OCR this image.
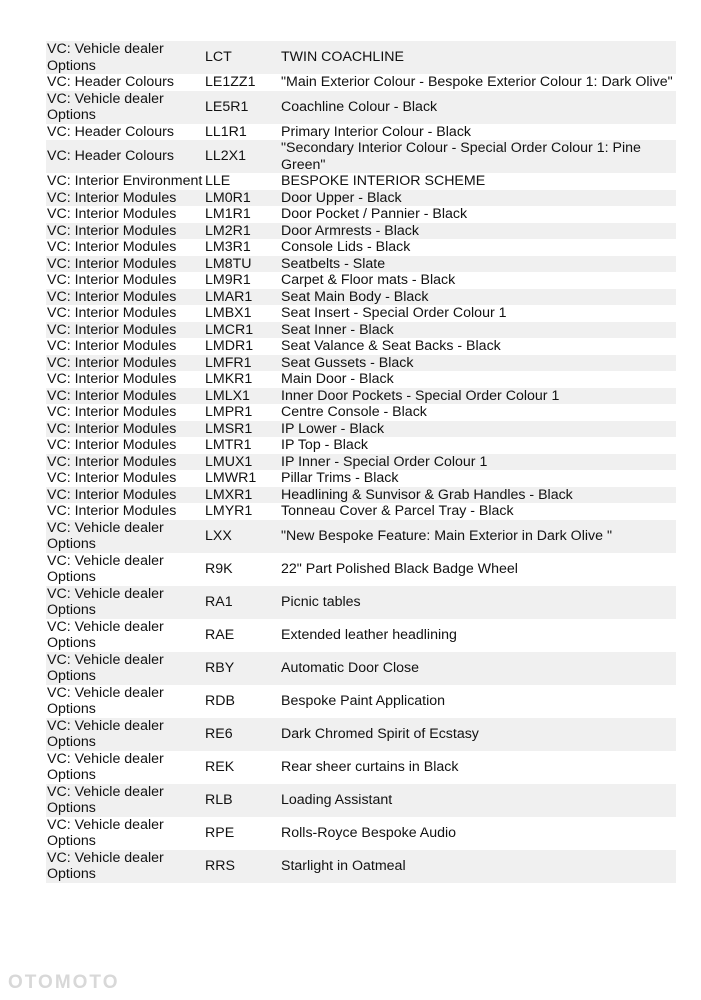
VC: Vehicle dealer Options	LCT	TWIN COACHLINE
VC: Header Colours	LE1ZZ1	"Main Exterior Colour - Bespoke Exterior Colour 1: Dark Olive"
VC: Vehicle dealer Options	LE5R1	Coachline Colour - Black
VC: Header Colours	LL1R1	Primary Interior Colour - Black
VC: Header Colours	LL2X1	"Secondary Interior Colour - Special Order Colour 1: Pine Green"
VC: Interior Environment	LLE	BESPOKE INTERIOR SCHEME
VC: Interior Modules	LM0R1	Door Upper - Black
VC: Interior Modules	LM1R1	Door Pocket / Pannier - Black
VC: Interior Modules	LM2R1	Door Armrests - Black
VC: Interior Modules	LM3R1	Console Lids - Black
VC: Interior Modules	LM8TU	Seatbelts - Slate
VC: Interior Modules	LM9R1	Carpet & Floor mats - Black
VC: Interior Modules	LMAR1	Seat Main Body - Black
VC: Interior Modules	LMBX1	Seat Insert - Special Order Colour 1
VC: Interior Modules	LMCR1	Seat Inner - Black
VC: Interior Modules	LMDR1	Seat Valance & Seat Backs - Black
VC: Interior Modules	LMFR1	Seat Gussets - Black
VC: Interior Modules	LMKR1	Main Door - Black
VC: Interior Modules	LMLX1	Inner Door Pockets - Special Order Colour 1
VC: Interior Modules	LMPR1	Centre Console - Black
VC: Interior Modules	LMSR1	IP Lower - Black
VC: Interior Modules	LMTR1	IP Top - Black
VC: Interior Modules	LMUX1	IP Inner - Special Order Colour 1
VC: Interior Modules	LMWR1	Pillar Trims - Black
VC: Interior Modules	LMXR1	Headlining & Sunvisor & Grab Handles - Black
VC: Interior Modules	LMYR1	Tonneau Cover & Parcel Tray - Black
VC: Vehicle dealer Options	LXX	"New Bespoke Feature: Main Exterior in Dark Olive "
VC: Vehicle dealer Options	R9K	22" Part Polished Black Badge Wheel
VC: Vehicle dealer Options	RA1	Picnic tables
VC: Vehicle dealer Options	RAE	Extended leather headlining
VC: Vehicle dealer Options	RBY	Automatic Door Close
VC: Vehicle dealer Options	RDB	Bespoke Paint Application
VC: Vehicle dealer Options	RE6	Dark Chromed Spirit of Ecstasy
VC: Vehicle dealer Options	REK	Rear sheer curtains in Black
VC: Vehicle dealer Options	RLB	Loading Assistant
VC: Vehicle dealer Options	RPE	Rolls-Royce Bespoke Audio
VC: Vehicle dealer Options	RRS	Starlight in Oatmeal
OTOMOTO
